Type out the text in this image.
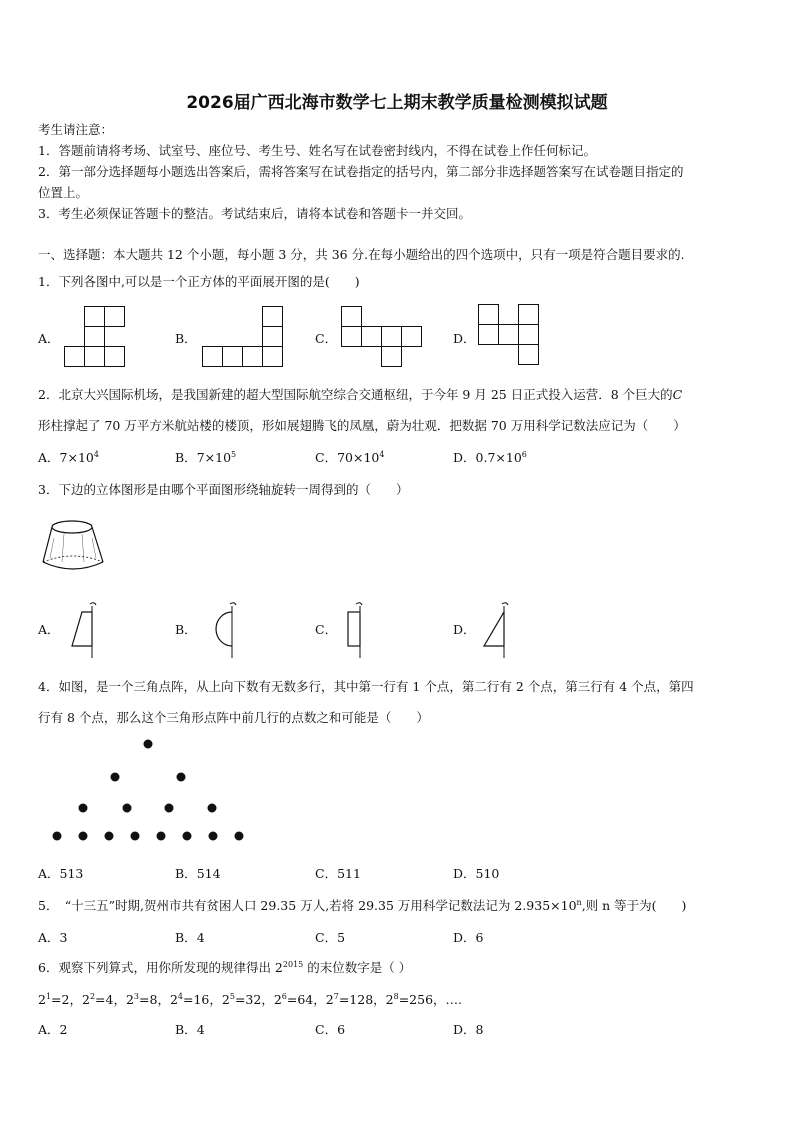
2026届广西北海市数学七上期末教学质量检测模拟试题
考生请注意：
1．答题前请将考场、试室号、座位号、考生号、姓名写在试卷密封线内，不得在试卷上作任何标记。
2．第一部分选择题每小题选出答案后，需将答案写在试卷指定的括号内，第二部分非选择题答案写在试卷题目指定的
位置上。
3．考生必须保证答题卡的整洁。考试结束后，请将本试卷和答题卡一并交回。
一、选择题：本大题共 12 个小题，每小题 3 分，共 36 分.在每小题给出的四个选项中，只有一项是符合题目要求的.
1．下列各图中,可以是一个正方体的平面展开图的是(　　)
A．	B．	C．	D．
2．北京大兴国际机场，是我国新建的超大型国际航空综合交通枢纽，于今年 9 月 25 日正式投入运营．8 个巨大的C
形柱撑起了 70 万平方米航站楼的楼顶，形如展翅腾飞的凤凰，蔚为壮观．把数据 70 万用科学记数法应记为（　　）
A．$7\times 10^4$	B．$7\times 10^5$	C．$70\times 10^4$	D．$0.7\times 10^6$
3．下边的立体图形是由哪个平面图形绕轴旋转一周得到的（　　）
A．	B．	C．	D．
4．如图，是一个三角点阵，从上向下数有无数多行，其中第一行有 1 个点，第二行有 2 个点，第三行有 4 个点，第四
行有 8 个点，那么这个三角形点阵中前几行的点数之和可能是（　　）
A．513	B．514	C．511	D．510
5．　“十三五”时期,贺州市共有贫困人口 29.35 万人,若将 29.35 万用科学记数法记为 $2.935\times 10^n$,则 n 等于为(　　)
A．3	B．4	C．5	D．6
6．观察下列算式，用你所发现的规律得出 $2^{2015}$ 的末位数字是（ ）
$2^1=2$，$2^2=4$，$2^3=8$，$2^4=16$，$2^5=32$，$2^6=64$，$2^7=128$，$2^8=256$，….
A．2	B．4	C．6	D．8
